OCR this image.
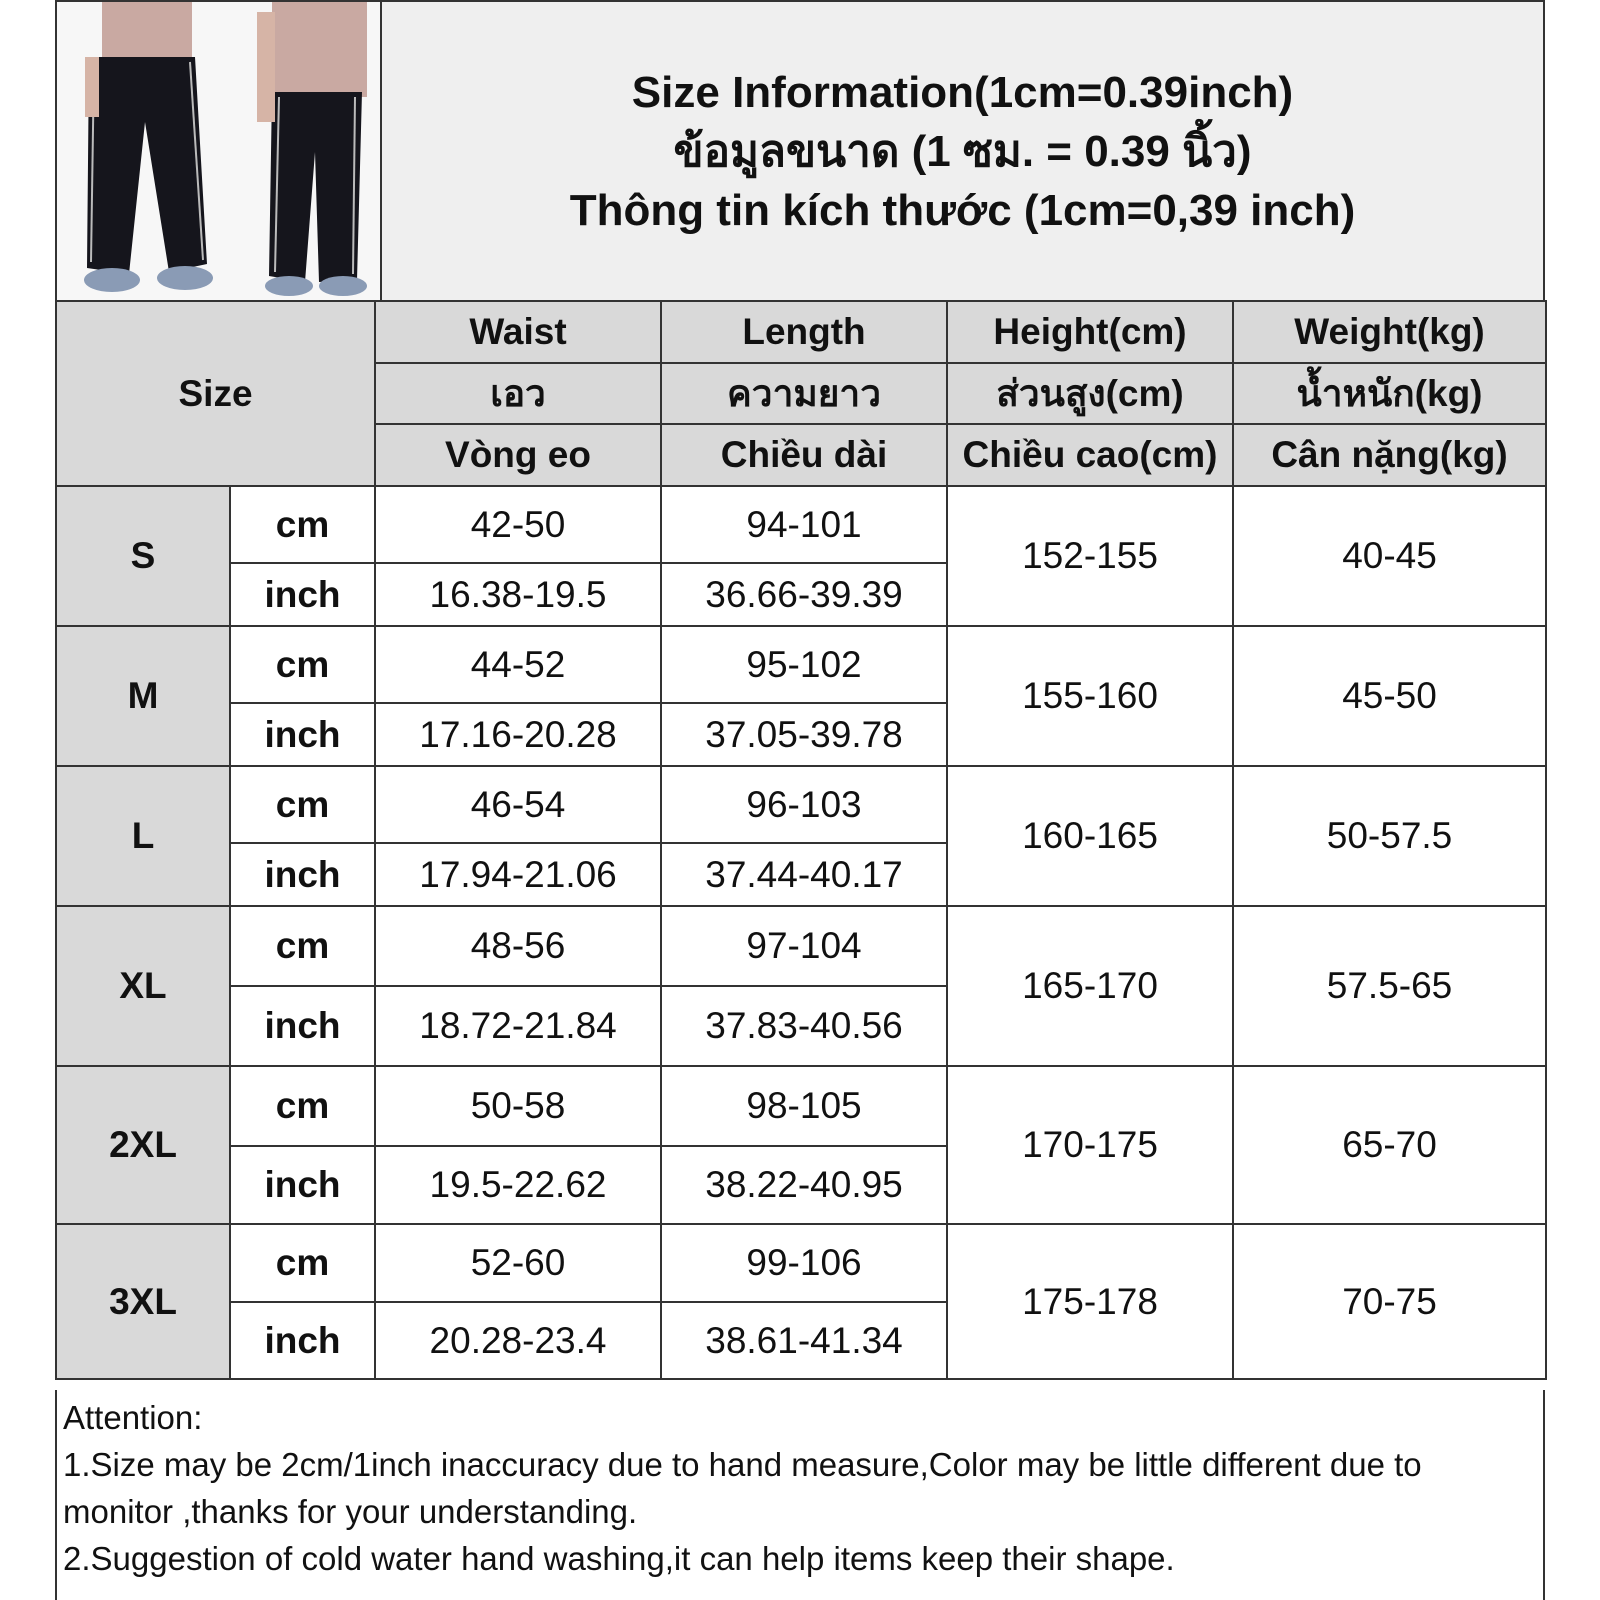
Size Information(1cm=0.39inch)
ข้อมูลขนาด (1 ซม. = 0.39 นิ้ว)
Thông tin kích thước (1cm=0,39 inch)
Size		Waist	Length	Height(cm)	Weight(kg)
		เอว	ความยาว	ส่วนสูง(cm)	น้ำหนัก(kg)
		Vòng eo	Chiều dài	Chiều cao(cm)	Cân nặng(kg)
S	cm	42-50	94-101	152-155	40-45
	inch	16.38-19.5	36.66-39.39		
M	cm	44-52	95-102	155-160	45-50
	inch	17.16-20.28	37.05-39.78		
L	cm	46-54	96-103	160-165	50-57.5
	inch	17.94-21.06	37.44-40.17		
XL	cm	48-56	97-104	165-170	57.5-65
	inch	18.72-21.84	37.83-40.56		
2XL	cm	50-58	98-105	170-175	65-70
	inch	19.5-22.62	38.22-40.95		
3XL	cm	52-60	99-106	175-178	70-75
	inch	20.28-23.4	38.61-41.34		
Attention:
1.Size may be 2cm/1inch inaccuracy due to hand measure,Color may be little different due to monitor ,thanks for your understanding.
2.Suggestion of cold water hand washing,it can help items keep their shape.
